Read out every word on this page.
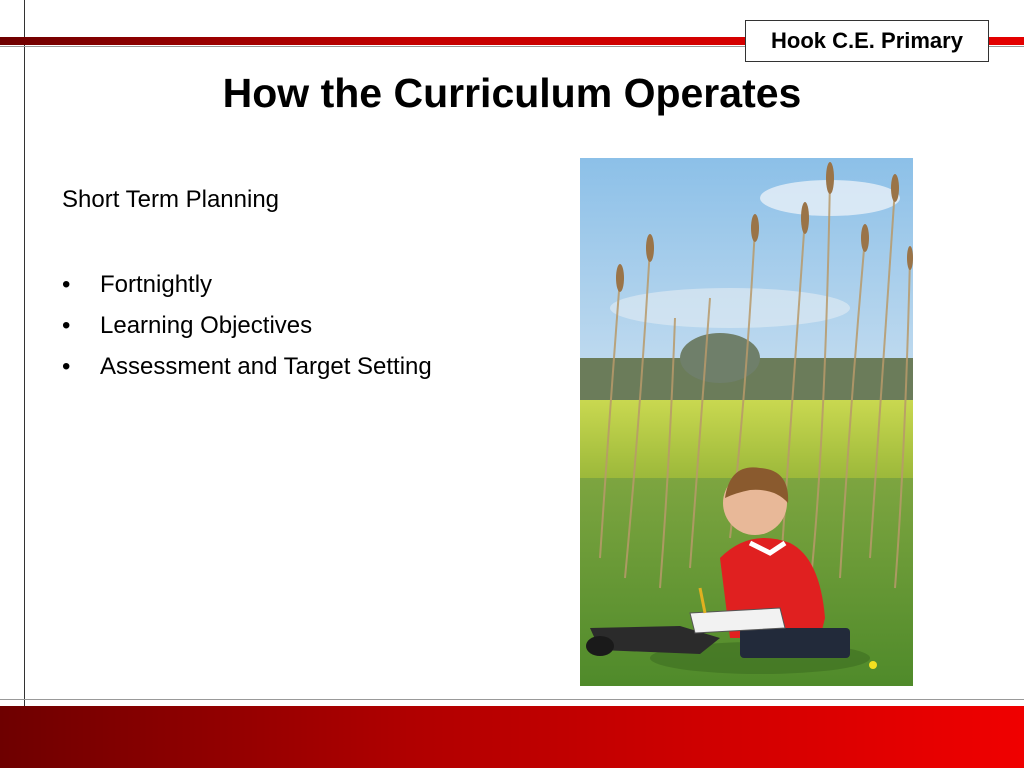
Hook C.E. Primary
How the Curriculum Operates

Short Term Planning

• Fortnightly
• Learning Objectives
• Assessment and Target Setting
